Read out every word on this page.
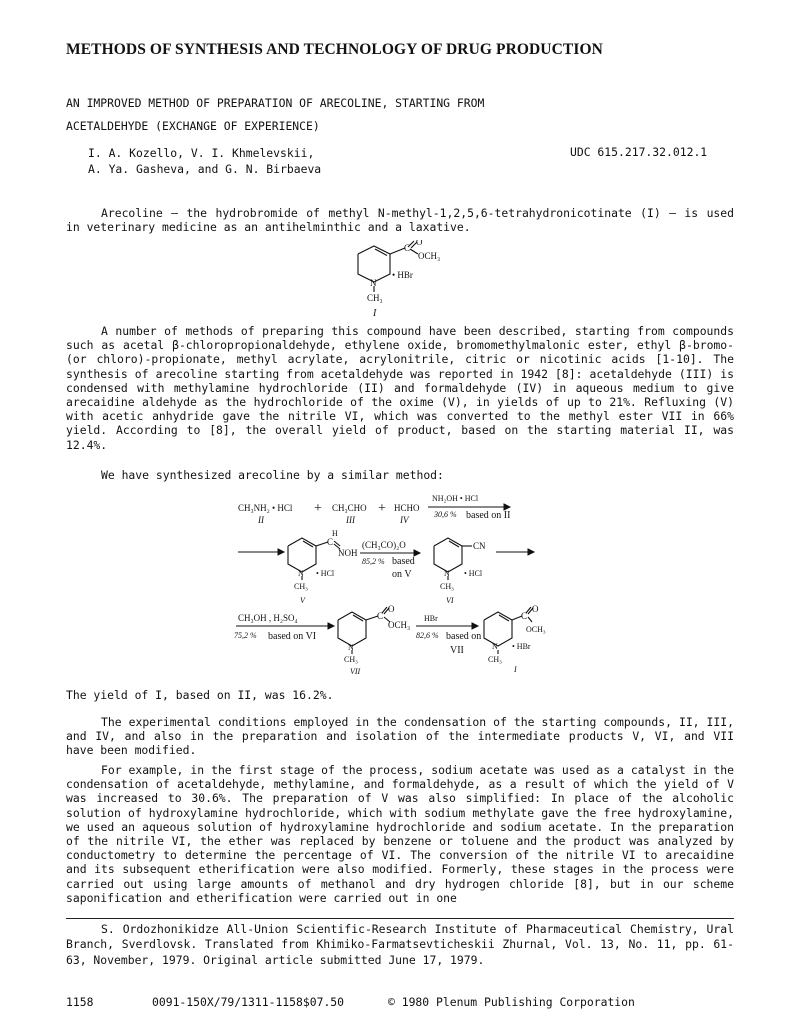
METHODS OF SYNTHESIS AND TECHNOLOGY OF DRUG PRODUCTION
AN IMPROVED METHOD OF PREPARATION OF ARECOLINE, STARTING FROM
ACETALDEHYDE (EXCHANGE OF EXPERIENCE)
I. A. Kozello, V. I. Khmelevskii,
A. Ya. Gasheva, and G. N. Birbaeva
UDC 615.217.32.012.1
Arecoline — the hydrobromide of methyl N-methyl-1,2,5,6-tetrahydronicotinate (I) — is used in veterinary medicine as an antihelminthic and a laxative.
C
O
OCH₃
• HBr
N
CH₃
I
A number of methods of preparing this compound have been described, starting from compounds such as acetal β-chloropropionaldehyde, ethylene oxide, bromomethylmalonic ester, ethyl β-bromo-(or chloro)-propionate, methyl acrylate, acrylonitrile, citric or nicotinic acids [1-10]. The synthesis of arecoline starting from acetaldehyde was reported in 1942 [8]: acetaldehyde (III) is condensed with methylamine hydrochloride (II) and formaldehyde (IV) in aqueous medium to give arecaidine aldehyde as the hydrochloride of the oxime (V), in yields of up to 21%. Refluxing (V) with acetic anhydride gave the nitrile VI, which was converted to the methyl ester VII in 66% yield. According to [8], the overall yield of product, based on the starting material II, was 12.4%.
We have synthesized arecoline by a similar method:
CH₃NH₂ • HCl
II
+ CH₃CHO
III
+ HCHO
IV
NH₂OH • HCl
30,6 % based on II
H
C
NOH
• HCl
N
CH₃
V
(CH₃CO)₂O
85,2 % based
on V
CN
• HCl
N
CH₃
VI
CH₃OH , H₂SO₄
75,2 % based on VI
C
O
OCH₃
N
CH₃
VII
HBr
82,6 % based on
VII
C
O
OCH₃
• HBr
N
CH₃
I
The yield of I, based on II, was 16.2%.
The experimental conditions employed in the condensation of the starting compounds, II, III, and IV, and also in the preparation and isolation of the intermediate products V, VI, and VII have been modified.
For example, in the first stage of the process, sodium acetate was used as a catalyst in the condensation of acetaldehyde, methylamine, and formaldehyde, as a result of which the yield of V was increased to 30.6%. The preparation of V was also simplified: In place of the alcoholic solution of hydroxylamine hydrochloride, which with sodium methylate gave the free hydroxylamine, we used an aqueous solution of hydroxylamine hydrochloride and sodium acetate. In the preparation of the nitrile VI, the ether was replaced by benzene or toluene and the product was analyzed by conductometry to determine the percentage of VI. The conversion of the nitrile VI to arecaidine and its subsequent etherification were also modified. Formerly, these stages in the process were carried out using large amounts of methanol and dry hydrogen chloride [8], but in our scheme saponification and etherification were carried out in one
S. Ordozhonikidze All-Union Scientific-Research Institute of Pharmaceutical Chemistry, Ural Branch, Sverdlovsk. Translated from Khimiko-Farmatsevticheskii Zhurnal, Vol. 13, No. 11, pp. 61-63, November, 1979. Original article submitted June 17, 1979.
1158	0091-150X/79/1311-1158$07.50	© 1980 Plenum Publishing Corporation
